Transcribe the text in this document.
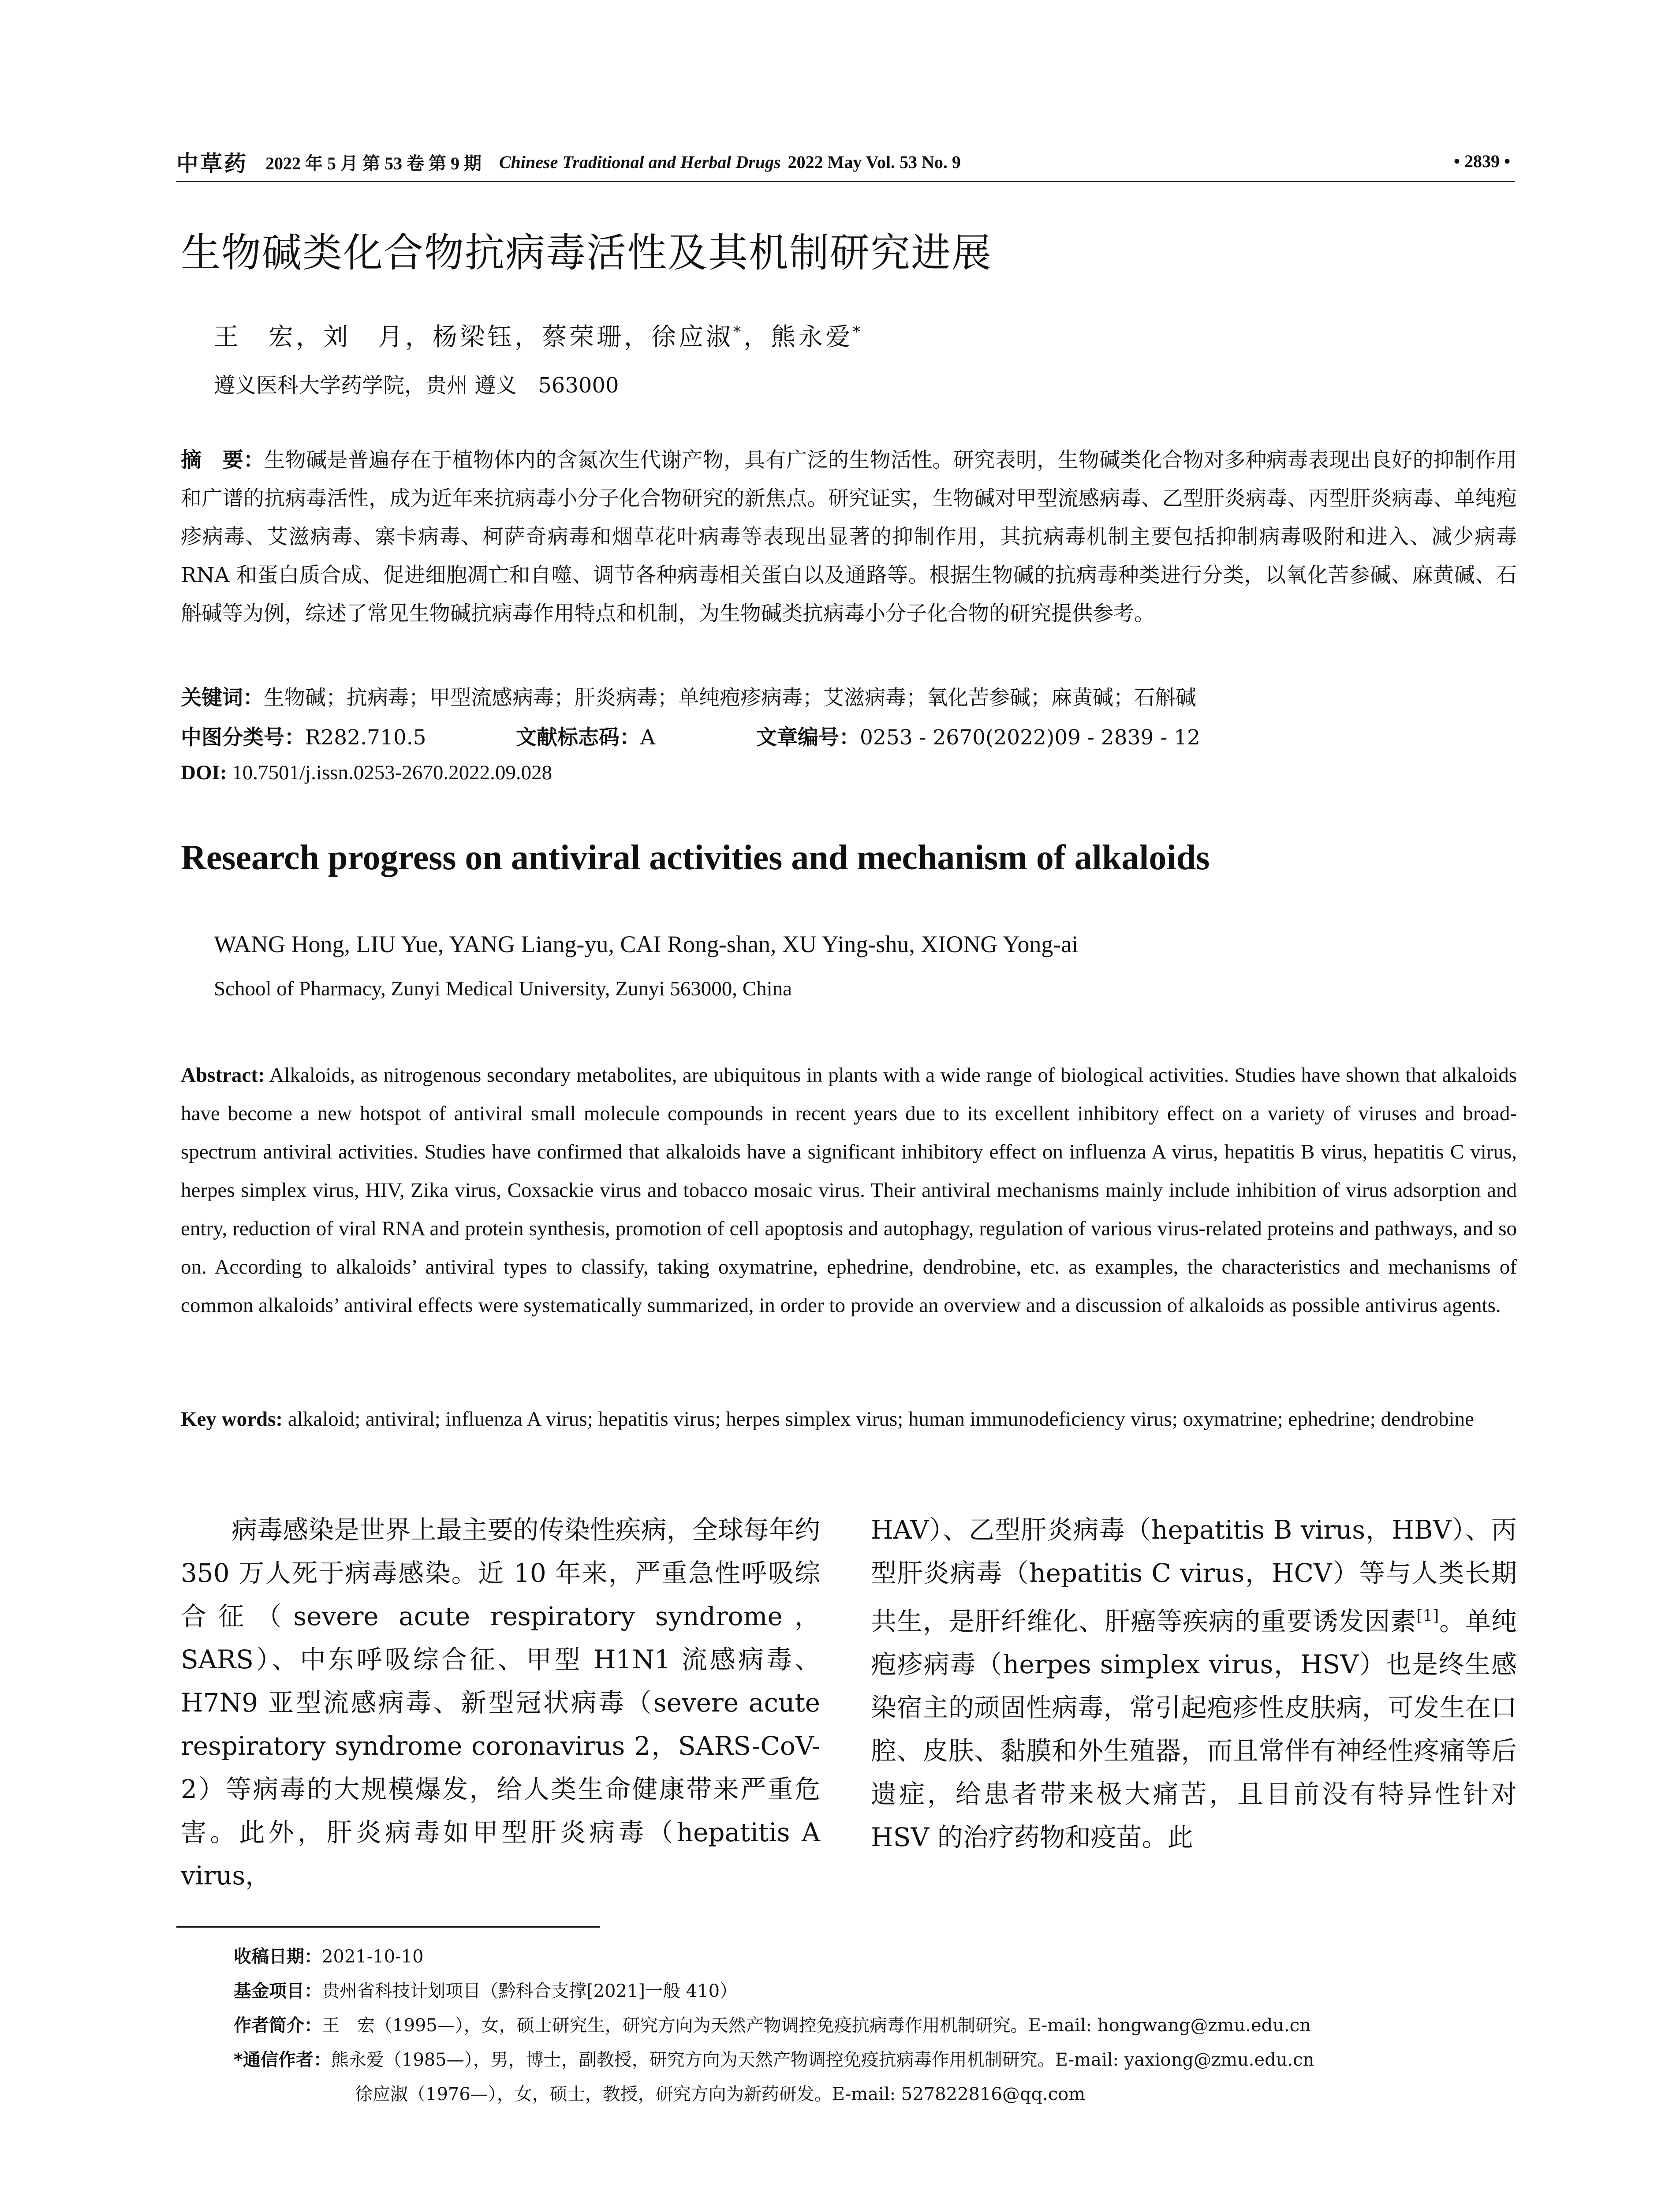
中草药 2022 年 5 月 第 53 卷 第 9 期 Chinese Traditional and Herbal Drugs 2022 May Vol. 53 No. 9	• 2839 •
生物碱类化合物抗病毒活性及其机制研究进展
王　宏，刘　月，杨梁钰，蔡荣珊，徐应淑*，熊永爱*
遵义医科大学药学院，贵州 遵义　563000
摘　要：生物碱是普遍存在于植物体内的含氮次生代谢产物，具有广泛的生物活性。研究表明，生物碱类化合物对多种病毒表现出良好的抑制作用和广谱的抗病毒活性，成为近年来抗病毒小分子化合物研究的新焦点。研究证实，生物碱对甲型流感病毒、乙型肝炎病毒、丙型肝炎病毒、单纯疱疹病毒、艾滋病毒、寨卡病毒、柯萨奇病毒和烟草花叶病毒等表现出显著的抑制作用，其抗病毒机制主要包括抑制病毒吸附和进入、减少病毒 RNA 和蛋白质合成、促进细胞凋亡和自噬、调节各种病毒相关蛋白以及通路等。根据生物碱的抗病毒种类进行分类，以氧化苦参碱、麻黄碱、石斛碱等为例，综述了常见生物碱抗病毒作用特点和机制，为生物碱类抗病毒小分子化合物的研究提供参考。
关键词：生物碱；抗病毒；甲型流感病毒；肝炎病毒；单纯疱疹病毒；艾滋病毒；氧化苦参碱；麻黄碱；石斛碱
中图分类号：R282.710.5	文献标志码：A	文章编号：0253 - 2670(2022)09 - 2839 - 12
DOI: 10.7501/j.issn.0253-2670.2022.09.028
Research progress on antiviral activities and mechanism of alkaloids
WANG Hong, LIU Yue, YANG Liang-yu, CAI Rong-shan, XU Ying-shu, XIONG Yong-ai
School of Pharmacy, Zunyi Medical University, Zunyi 563000, China
Abstract: Alkaloids, as nitrogenous secondary metabolites, are ubiquitous in plants with a wide range of biological activities. Studies have shown that alkaloids have become a new hotspot of antiviral small molecule compounds in recent years due to its excellent inhibitory effect on a variety of viruses and broad-spectrum antiviral activities. Studies have confirmed that alkaloids have a significant inhibitory effect on influenza A virus, hepatitis B virus, hepatitis C virus, herpes simplex virus, HIV, Zika virus, Coxsackie virus and tobacco mosaic virus. Their antiviral mechanisms mainly include inhibition of virus adsorption and entry, reduction of viral RNA and protein synthesis, promotion of cell apoptosis and autophagy, regulation of various virus-related proteins and pathways, and so on. According to alkaloids’ antiviral types to classify, taking oxymatrine, ephedrine, dendrobine, etc. as examples, the characteristics and mechanisms of common alkaloids’ antiviral effects were systematically summarized, in order to provide an overview and a discussion of alkaloids as possible antivirus agents.
Key words: alkaloid; antiviral; influenza A virus; hepatitis virus; herpes simplex virus; human immunodeficiency virus; oxymatrine; ephedrine; dendrobine
病毒感染是世界上最主要的传染性疾病，全球每年约 350 万人死于病毒感染。近 10 年来，严重急性呼吸综合征（severe acute respiratory syndrome，SARS）、中东呼吸综合征、甲型 H1N1 流感病毒、H7N9 亚型流感病毒、新型冠状病毒（severe acute respiratory syndrome coronavirus 2，SARS-CoV-2）等病毒的大规模爆发，给人类生命健康带来严重危害。此外，肝炎病毒如甲型肝炎病毒（hepatitis A virus，
HAV）、乙型肝炎病毒（hepatitis B virus，HBV）、丙型肝炎病毒（hepatitis C virus，HCV）等与人类长期共生，是肝纤维化、肝癌等疾病的重要诱发因素[1]。单纯疱疹病毒（herpes simplex virus，HSV）也是终生感染宿主的顽固性病毒，常引起疱疹性皮肤病，可发生在口腔、皮肤、黏膜和外生殖器，而且常伴有神经性疼痛等后遗症，给患者带来极大痛苦，且目前没有特异性针对 HSV 的治疗药物和疫苗。此
收稿日期：2021-10-10
基金项目：贵州省科技计划项目（黔科合支撑[2021]一般 410）
作者简介：王　宏（1995—），女，硕士研究生，研究方向为天然产物调控免疫抗病毒作用机制研究。E-mail: hongwang@zmu.edu.cn
*通信作者：熊永爱（1985—），男，博士，副教授，研究方向为天然产物调控免疫抗病毒作用机制研究。E-mail: yaxiong@zmu.edu.cn
徐应淑（1976—），女，硕士，教授，研究方向为新药研发。E-mail: 527822816@qq.com
